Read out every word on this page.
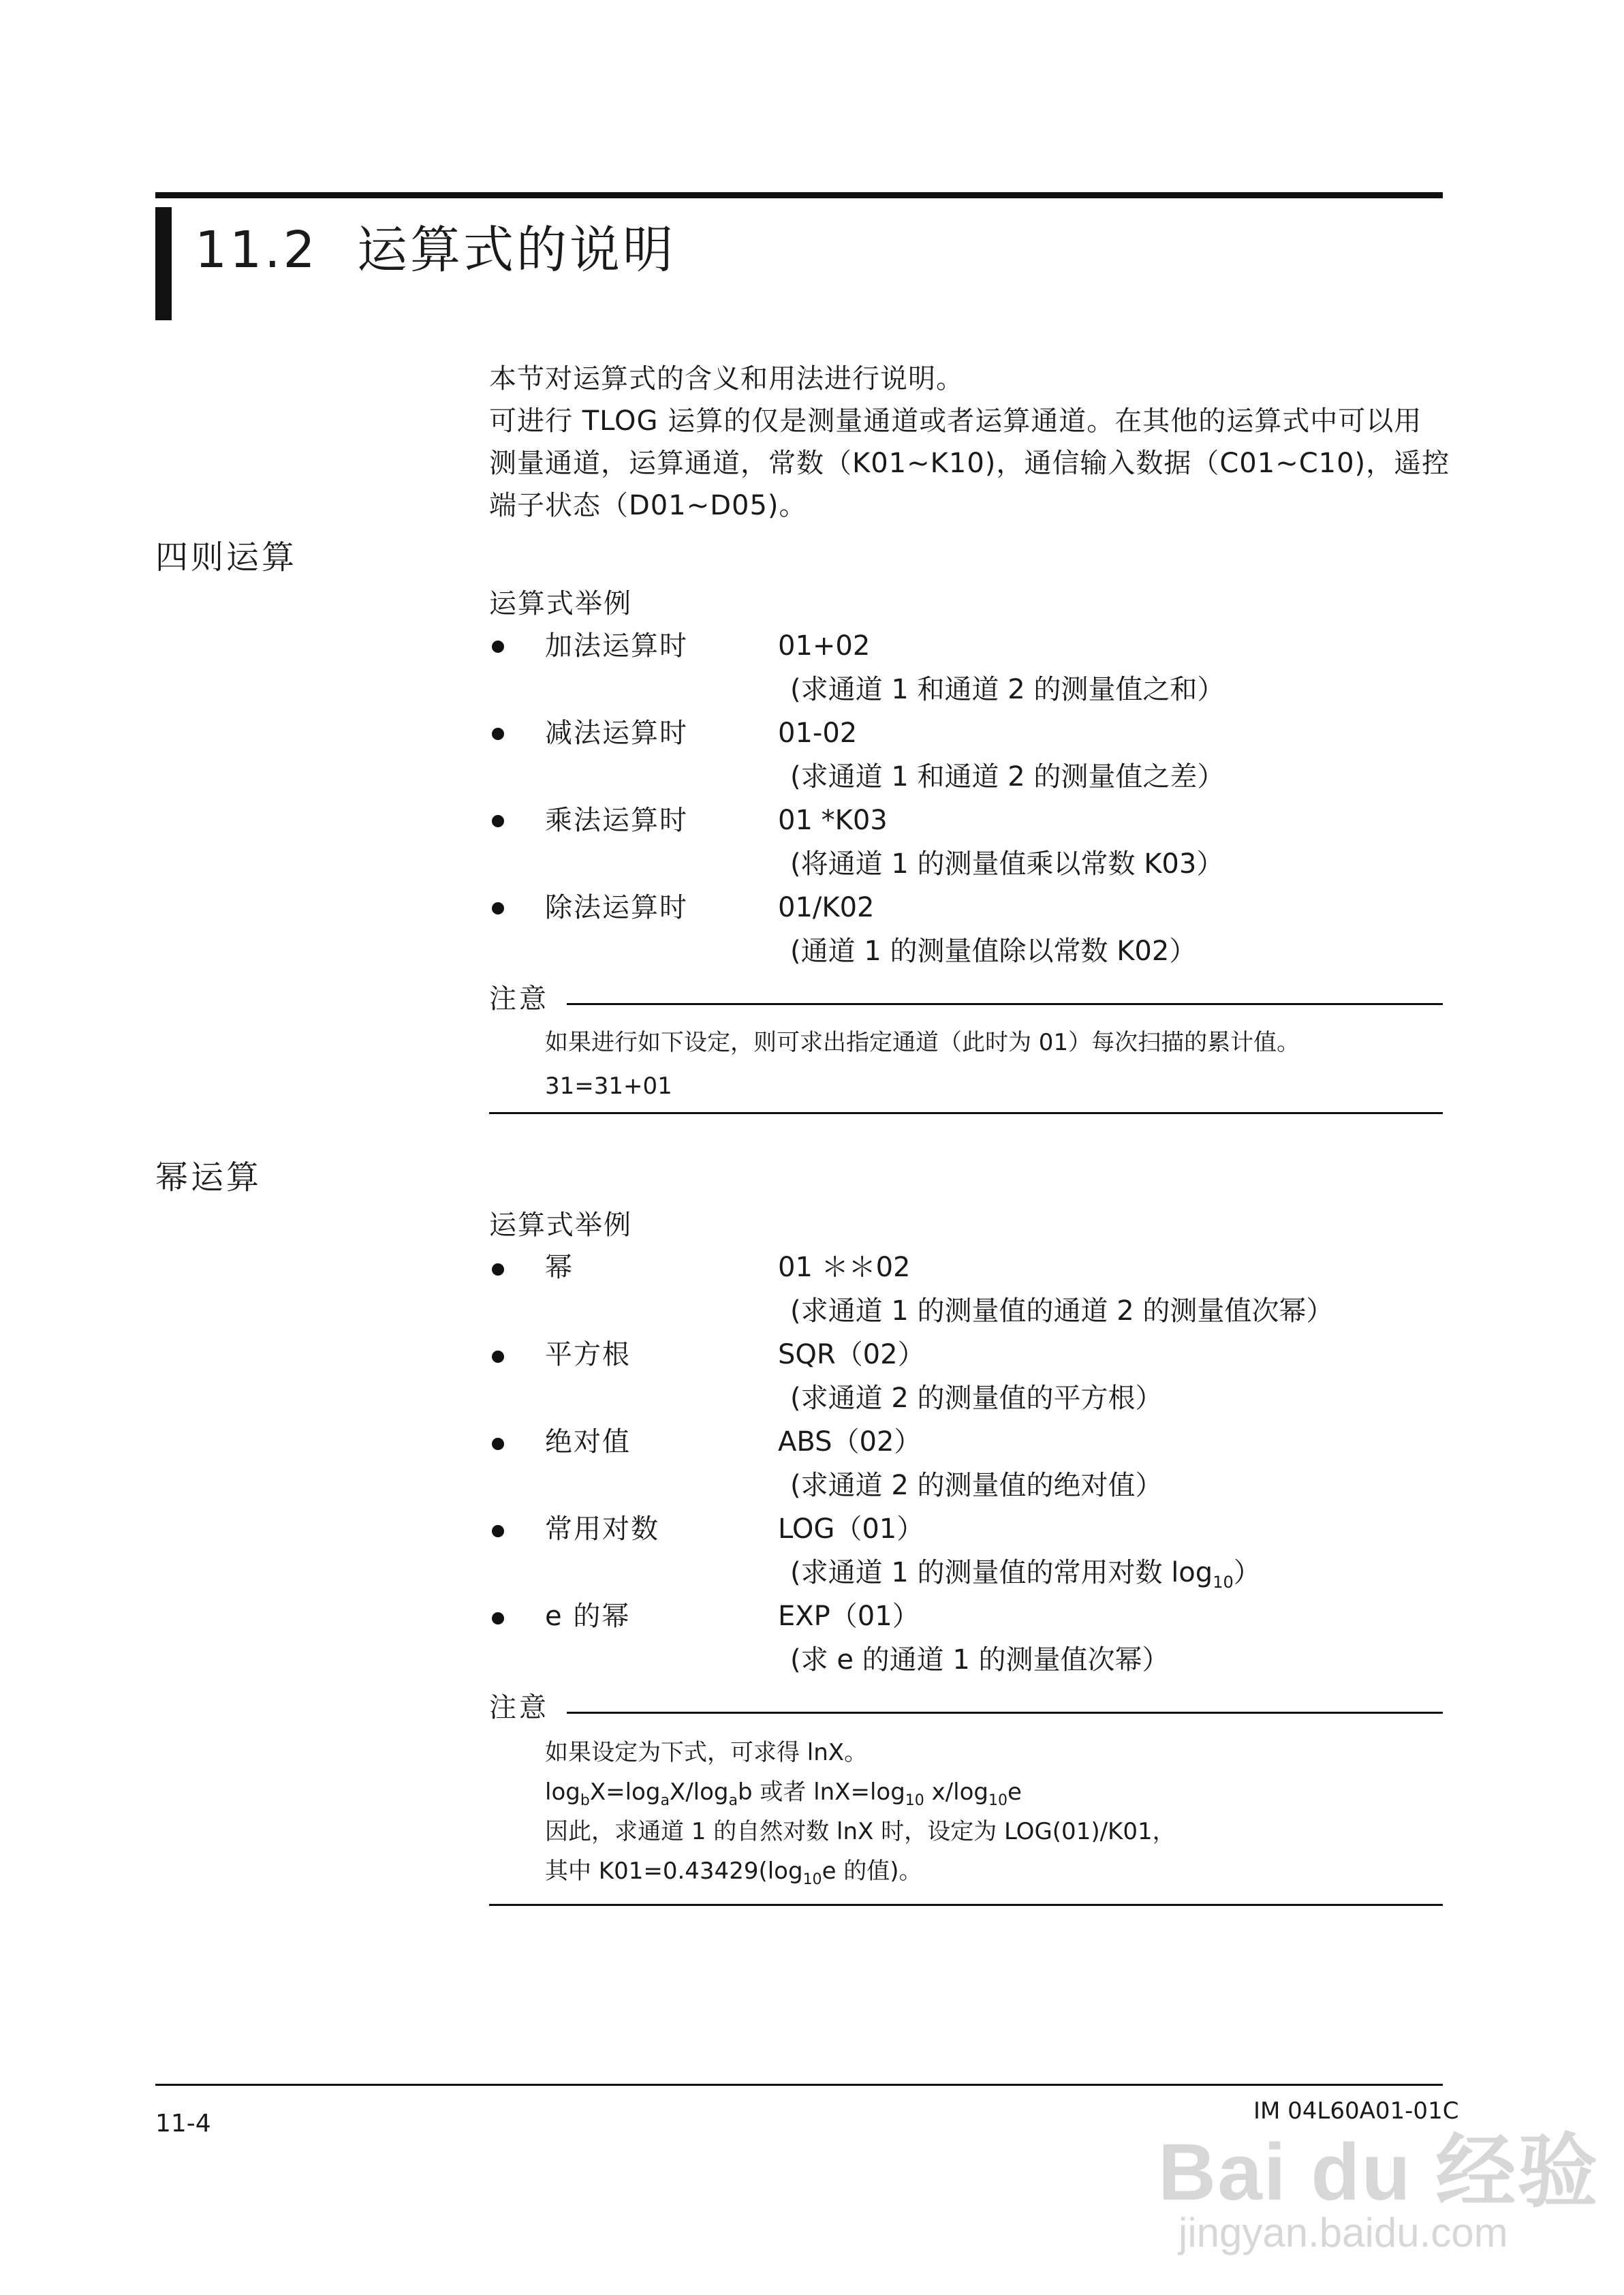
11.2 运算式的说明
本节对运算式的含义和用法进行说明。
可进行 TLOG 运算的仅是测量通道或者运算通道。在其他的运算式中可以用
测量通道，运算通道，常数（K01~K10)，通信输入数据（C01~C10)，遥控
端子状态（D01~D05)。
四则运算
运算式举例
加法运算时	01+02
(求通道 1 和通道 2 的测量值之和）
减法运算时	01-02
(求通道 1 和通道 2 的测量值之差）
乘法运算时	01 *K03
(将通道 1 的测量值乘以常数 K03）
除法运算时	01/K02
(通道 1 的测量值除以常数 K02）
注意
如果进行如下设定，则可求出指定通道（此时为 01）每次扫描的累计值。
31=31+01
幂运算
运算式举例
幂	01 ＊＊02
(求通道 1 的测量值的通道 2 的测量值次幂）
平方根	SQR（02）
(求通道 2 的测量值的平方根）
绝对值	ABS（02）
(求通道 2 的测量值的绝对值）
常用对数	LOG（01）
(求通道 1 的测量值的常用对数 $\log_{10}$）
e 的幂	EXP（01）
(求 e 的通道 1 的测量值次幂）
注意
如果设定为下式，可求得 lnX。
$\log_bX=\log_aX/\log_ab$ 或者 $\ln X=\log_{10}$ $x/\log_{10}e$
因此，求通道 1 的自然对数 lnX 时，设定为 LOG(01)/K01，
其中 $K01=0.43429(\log_{10}e$ 的值)。
11-4	IM 04L60A01-01C
Bai du 经验
jingyan.baidu.com
